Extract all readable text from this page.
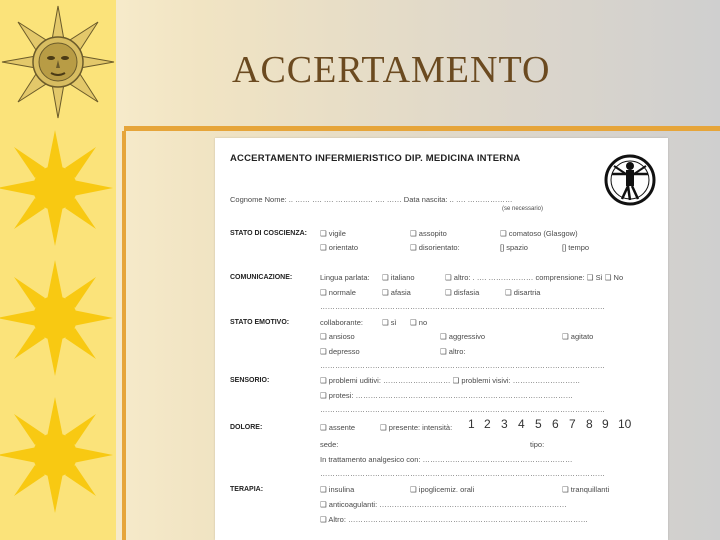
ACCERTAMENTO
ACCERTAMENTO INFERMIERISTICO DIP. MEDICINA INTERNA
Cognome Nome: .. …… …. …. …………… …. …… Data nascita: .. …. ………………
(se necessario)
STATO DI COSCIENZA: ❑ vigile	❑ assopito	❑ comatoso (Glasgow)
❑ orientato	❑ disorientato:	[] spazio	[] tempo
COMUNICAZIONE:	Lingua parlata: ❑ italiano	❑ altro: . …. ……………… comprensione: ❑ Sì ❑ No
❑ normale	❑ afasia	❑ disfasia	❑ disartria
……………………………………………………………………………………………………
STATO EMOTIVO:	collaborante:	❑ sì ❑ no
❑ ansioso	❑ aggressivo	❑ agitato
❑ depresso	❑ altro:
……………………………………………………………………………………………………
SENSORIO:	❑ problemi uditivi: ……………………… ❑ problemi visivi: ………………………
❑ protesi: ……………………………………………………………………………
……………………………………………………………………………………………………
DOLORE:	❑ assente	❑ presente: intensità: 1 2 3 4 5 6 7 8 9 10
sede:	tipo:
In trattamento analgesico con: ……………………………………………………
……………………………………………………………………………………………………
TERAPIA:	❑ insulina	❑ ipoglicemiz. orali	❑ tranquillanti
❑ anticoagulanti: …………………………………………………………………
❑ Altro: ……………………………………………………………………………………
